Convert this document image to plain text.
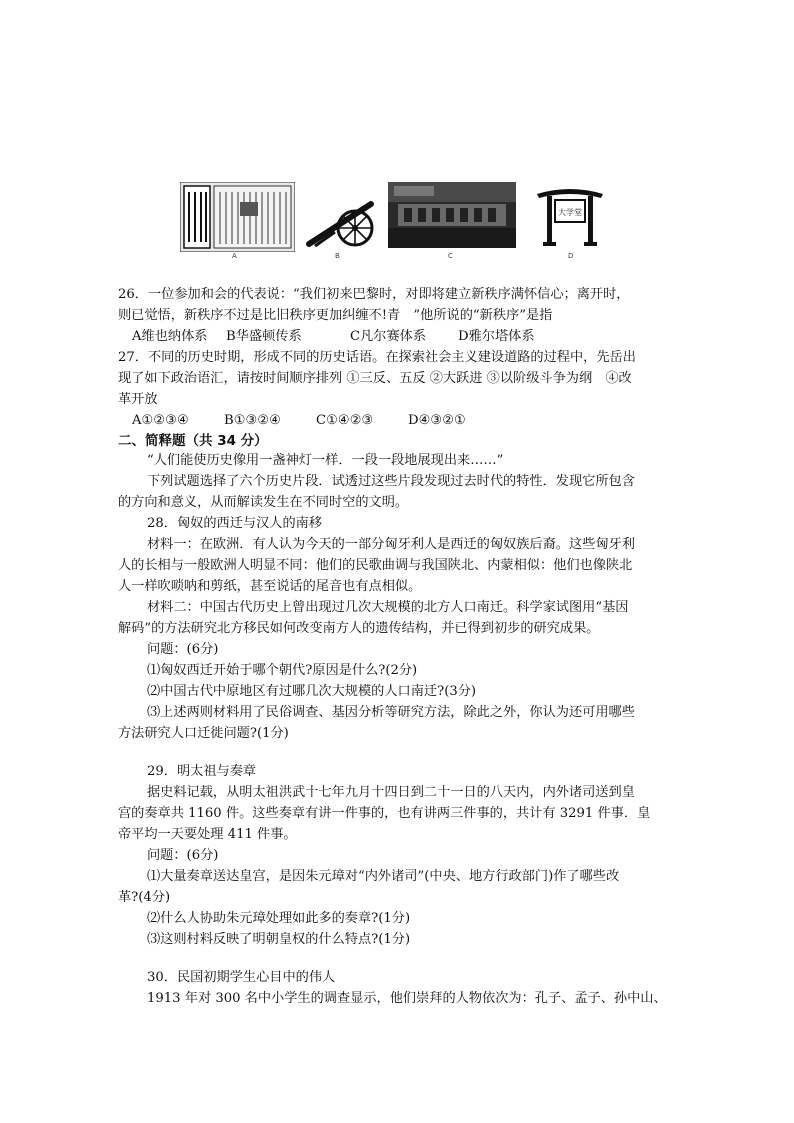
A	B	C
大学堂
D
26．一位参加和会的代表说：“我们初来巴黎时，对即将建立新秩序满怀信心；离开时，
则已觉悟，新秩序不过是比旧秩序更加纠缠不!青　”他所说的“新秩序”是指
A维也纳体系 B华盛顿传系	C凡尔赛体系 D雅尔塔体系
27．不同的历史时期，形成不同的历史话语。在探索社会主义建设道路的过程中，先岳出
现了如下政治语汇，请按时间顺序排列 ①三反、五反 ②大跃进 ③以阶级斗争为纲　④改
革开放
A①②③④	B①③②④	C①④②③	D④③②①
二、简释题（共 34 分）
“人们能使历史像用一盏神灯一样．一段一段地展现出来……”
下列试题选择了六个历史片段．试透过这些片段发现过去时代的特性．发现它所包含
的方向和意义，从而解读发生在不同时空的文明。
28．匈奴的西迁与汉人的南移
材料一：在欧洲．有人认为今天的一部分匈牙利人是西迁的匈奴族后裔。这些匈牙利
人的长相与一般欧洲人明显不同：他们的民歌曲调与我国陕北、内蒙相似：他们也像陕北
人一样吹唢呐和剪纸，甚至说话的尾音也有点相似。
材料二：中国古代历史上曾出现过几次大规模的北方人口南迁。科学家试图用“基因
解码”的方法研究北方移民如何改变南方人的遗传结构，并已得到初步的研究成果。
问题：(6分)
⑴匈奴西迁开始于哪个朝代?原因是什么?(2分)
⑵中国古代中原地区有过哪几次大规模的人口南迁?(3分)
⑶上述两则材料用了民俗调查、基因分析等研究方法，除此之外，你认为还可用哪些
方法研究人口迁徙问题?(1分)
29．明太祖与奏章
据史料记载，从明太祖洪武十七年九月十四日到二十一日的八天内，内外诸司送到皇
宫的奏章共 1160 件。这些奏章有讲一件事的，也有讲两三件事的，共计有 3291 件事．皇
帝平均一天要处理 411 件事。
问题：(6分)
⑴大量奏章送达皇宫，是因朱元璋对“内外诸司”(中央、地方行政部门)作了哪些改
革?(4分)
⑵什么人协助朱元璋处理如此多的奏章?(1分)
⑶这则村料反映了明朝皇权的什么特点?(1分)
30．民国初期学生心目中的伟人
1913 年对 300 名中小学生的调查显示，他们崇拜的人物依次为：孔子、孟子、孙中山、
